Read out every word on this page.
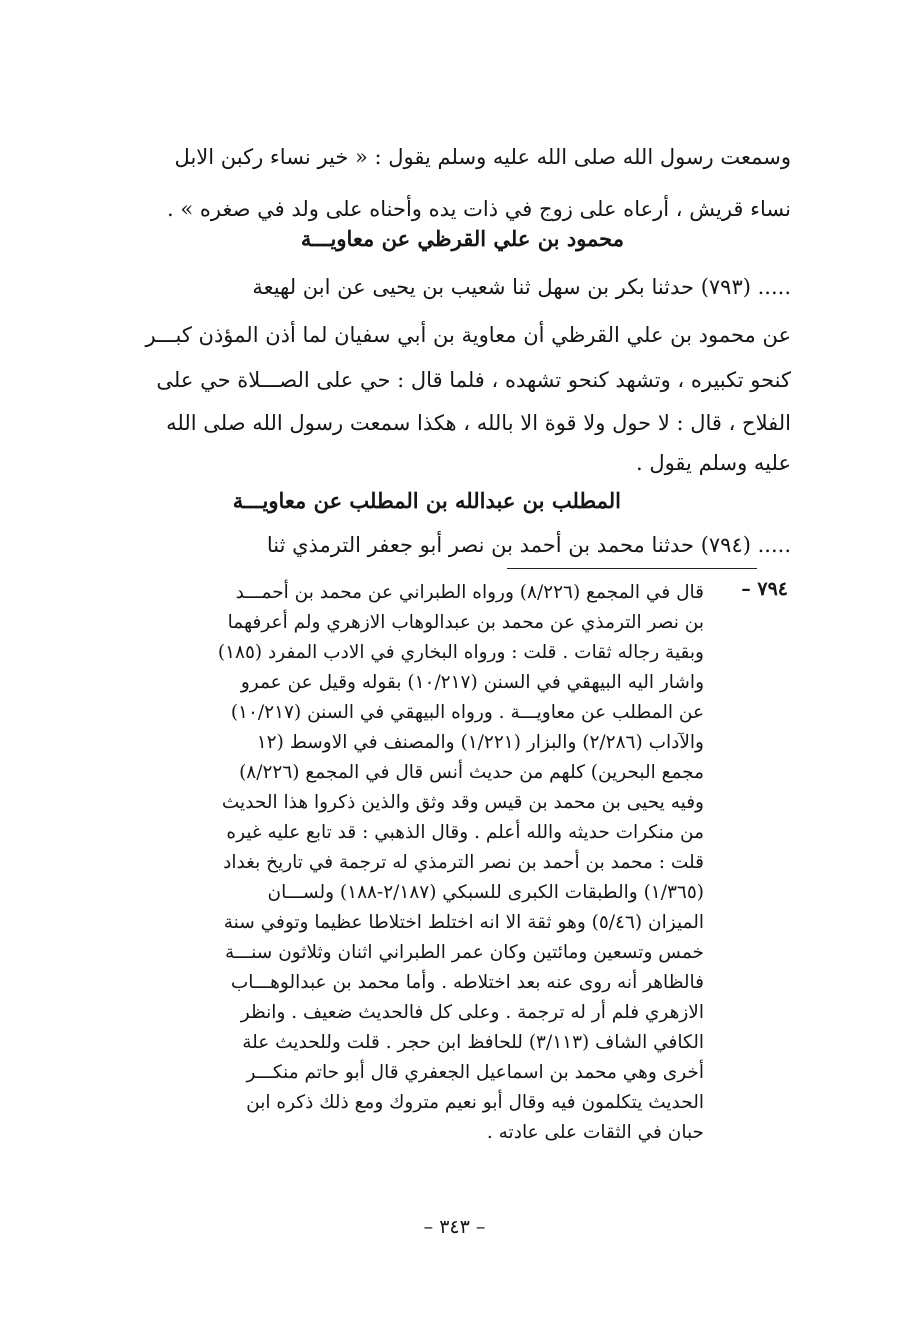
وسمعت رسول الله صلى الله عليه وسلم يقول : « خير نساء ركبن الابل
نساء قريش ، أرعاه على زوج في ذات يده وأحناه على ولد في صغره » .
محمود بن علي القرظي عن معاويـــة
..... (٧٩٣) حدثنا بكر بن سهل ثنا شعيب بن يحيى عن ابن لهيعة
عن محمود بن علي القرظي أن معاوية بن أبي سفيان لما أذن المؤذن كبـــر
كنحو تكبيره ، وتشهد كنحو تشهده ، فلما قال : حي على الصـــلاة حي على
الفلاح ، قال : لا حول ولا قوة الا بالله ، هكذا سمعت رسول الله صلى الله
عليه وسلم يقول .
المطلب بن عبدالله بن المطلب عن معاويـــة
..... (٧٩٤) حدثنا محمد بن أحمد بن نصر أبو جعفر الترمذي ثنا
٧٩٤ –
قال في المجمع (٨/٢٢٦) ورواه الطبراني عن محمد بن أحمـــد
بن نصر الترمذي عن محمد بن عبدالوهاب الازهري ولم أعرفهما
وبقية رجاله ثقات . قلت : ورواه البخاري في الادب المفرد (١٨٥)
واشار اليه البيهقي في السنن (١٠/٢١٧) بقوله وقيل عن عمرو
عن المطلب عن معاويـــة . ورواه البيهقي في السنن (١٠/٢١٧)
والآداب (٢/٢٨٦) والبزار (١/٢٢١) والمصنف في الاوسط (١٢
مجمع البحرين) كلهم من حديث أنس قال في المجمع (٨/٢٢٦)
وفيه يحيى بن محمد بن قيس وقد وثق والذين ذكروا هذا الحديث
من منكرات حديثه والله أعلم . وقال الذهبي : قد تابع عليه غيره
قلت : محمد بن أحمد بن نصر الترمذي له ترجمة في تاريخ بغداد
(١/٣٦٥) والطبقات الكبرى للسبكي (٢/١٨٧-١٨٨) ولســـان
الميزان (٥/٤٦) وهو ثقة الا انه اختلط اختلاطا عظيما وتوفي سنة
خمس وتسعين ومائتين وكان عمر الطبراني اثنان وثلاثون سنـــة
فالظاهر أنه روى عنه بعد اختلاطه . وأما محمد بن عبدالوهـــاب
الازهري فلم أر له ترجمة . وعلى كل فالحديث ضعيف . وانظر
الكافي الشاف (٣/١١٣) للحافظ ابن حجر . قلت وللحديث علة
أخرى وهي محمد بن اسماعيل الجعفري قال أبو حاتم منكـــر
الحديث يتكلمون فيه وقال أبو نعيم متروك ومع ذلك ذكره ابن
حبان في الثقات على عادته .
– ٣٤٣ –
